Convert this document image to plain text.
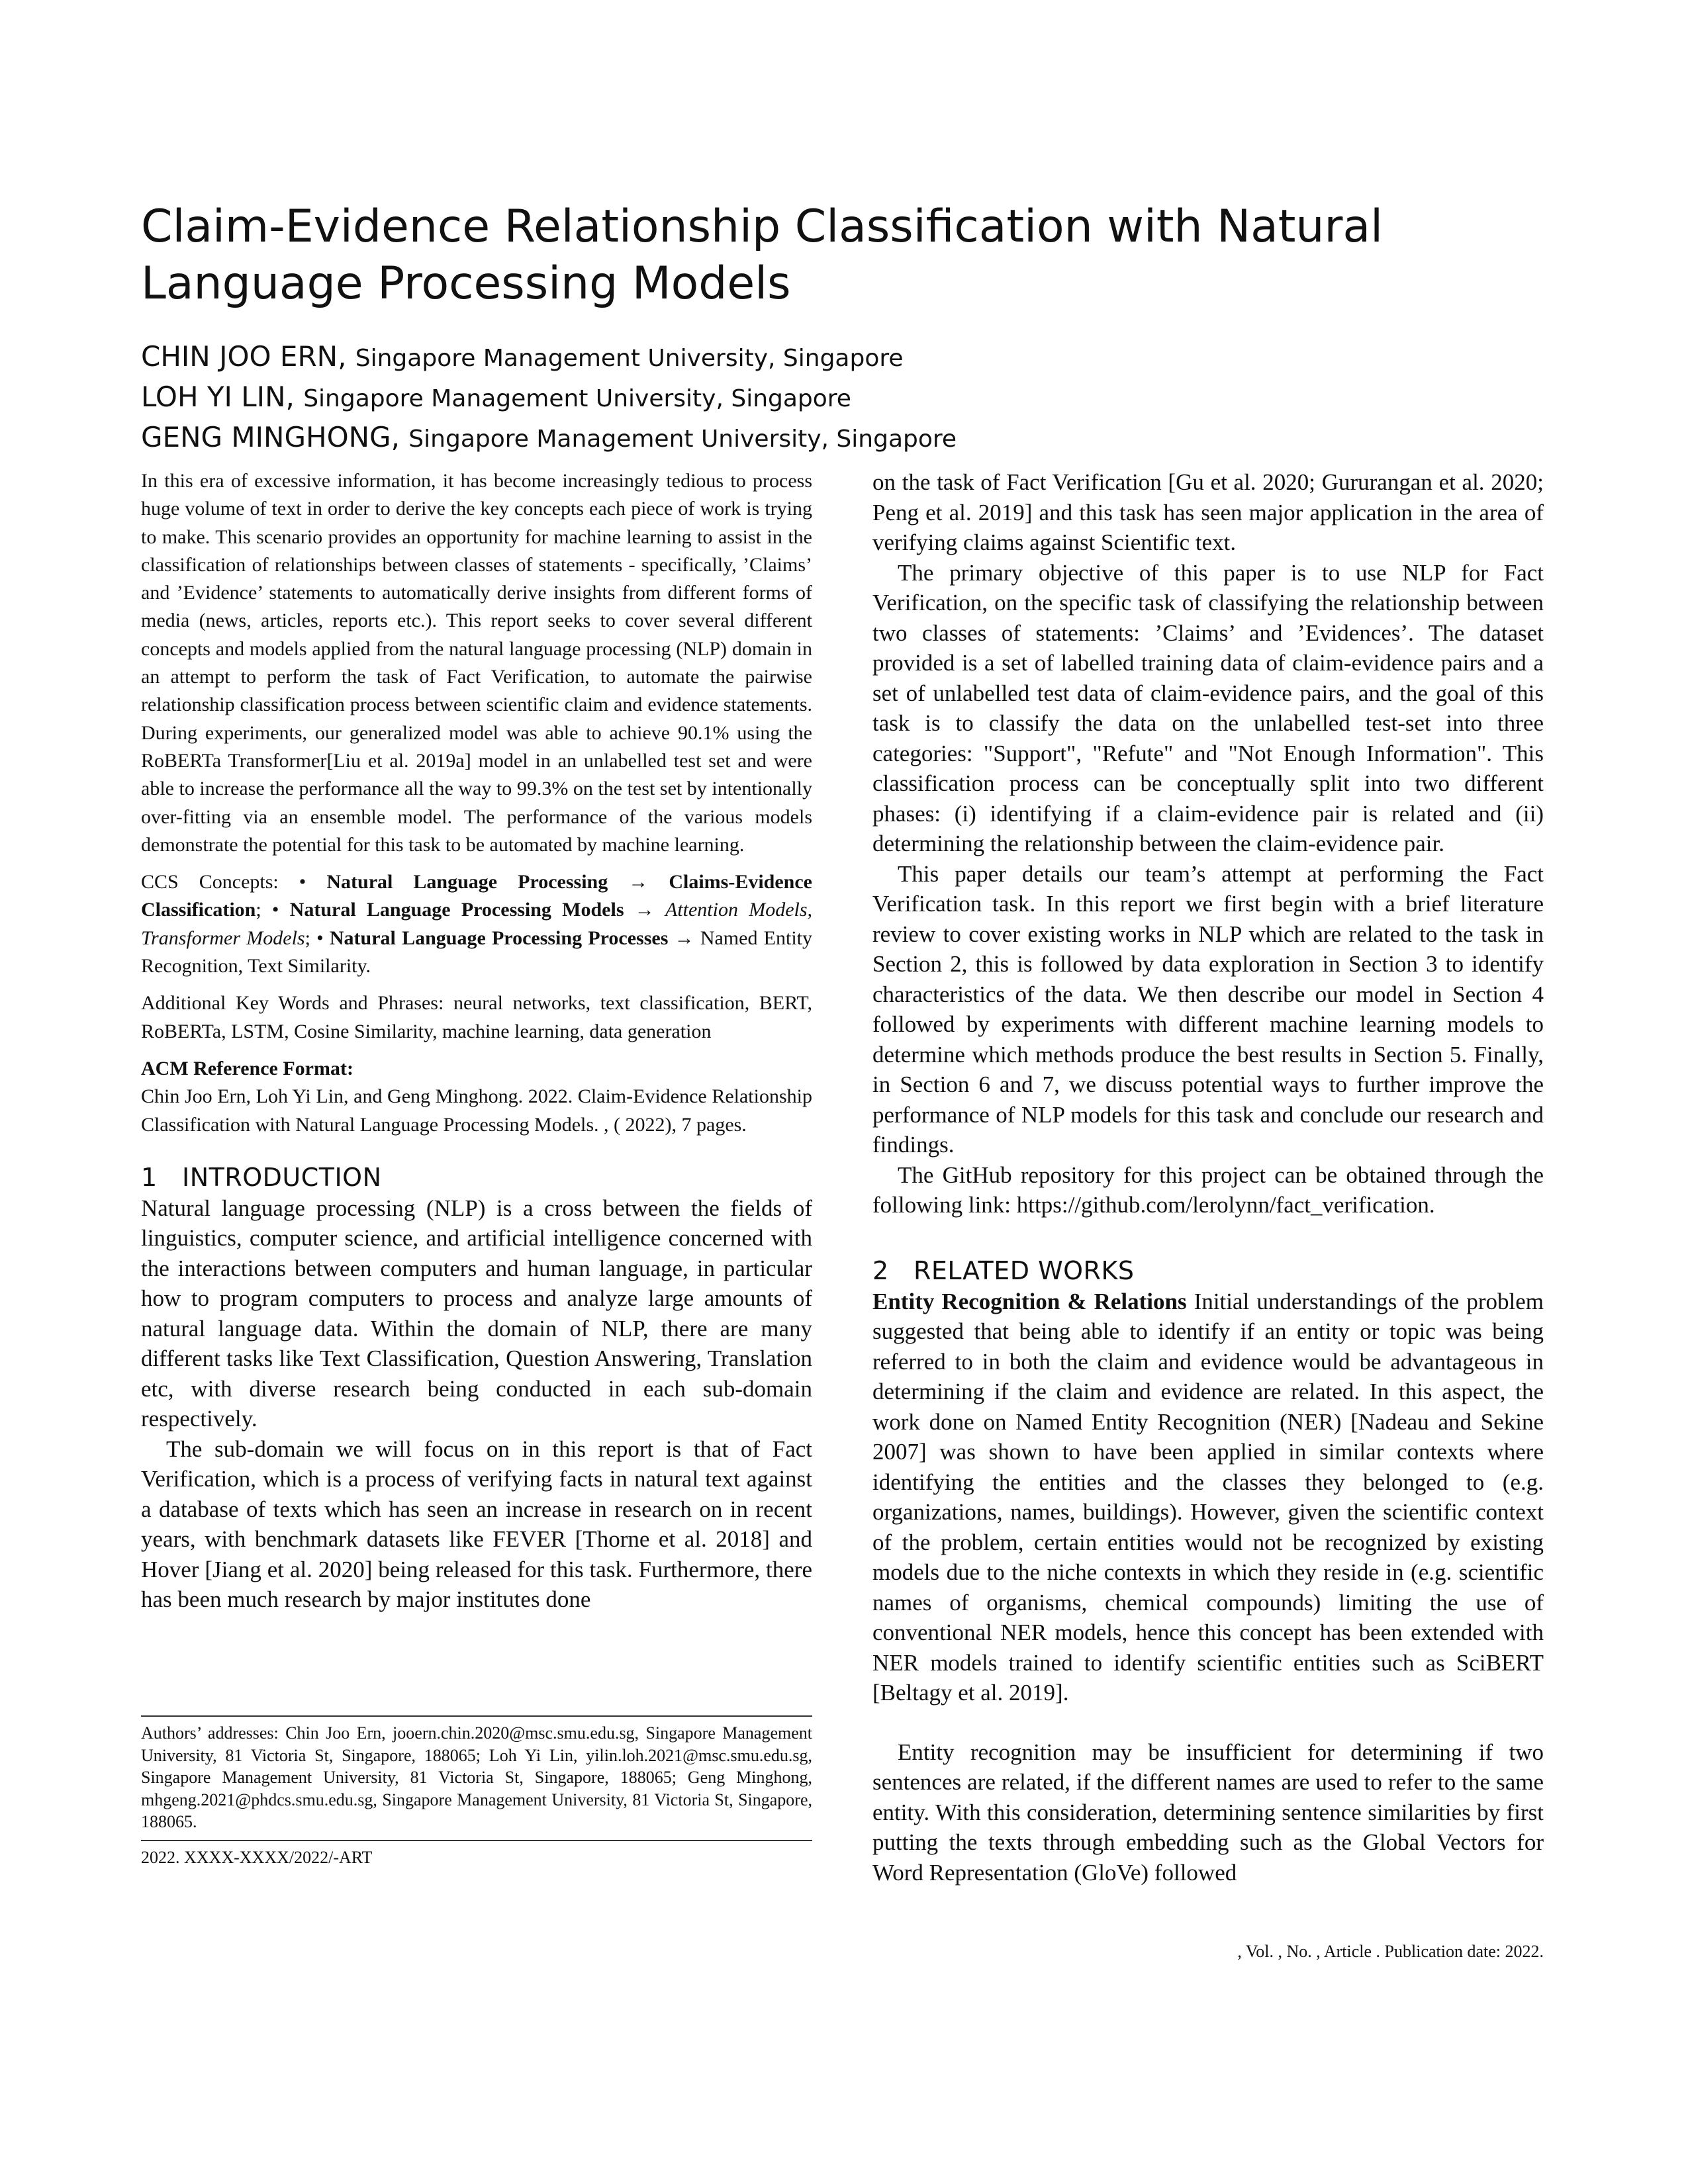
Claim-Evidence Relationship Classification with Natural Language Processing Models
CHIN JOO ERN, Singapore Management University, Singapore
LOH YI LIN, Singapore Management University, Singapore
GENG MINGHONG, Singapore Management University, Singapore

In this era of excessive information, it has become increasingly tedious to process huge volume of text in order to derive the key concepts each piece of work is trying to make. This scenario provides an opportunity for machine learning to assist in the classification of relationships between classes of statements - specifically, ’Claims’ and ’Evidence’ statements to automatically derive insights from different forms of media (news, articles, reports etc.). This report seeks to cover several different concepts and models applied from the natural language processing (NLP) domain in an attempt to perform the task of Fact Verification, to automate the pairwise relationship classification process between scientific claim and evidence statements. During experiments, our generalized model was able to achieve 90.1% using the RoBERTa Transformer[Liu et al. 2019a] model in an unlabelled test set and were able to increase the performance all the way to 99.3% on the test set by intentionally over-fitting via an ensemble model. The performance of the various models demonstrate the potential for this task to be automated by machine learning.

CCS Concepts: • Natural Language Processing → Claims-Evidence Classification; • Natural Language Processing Models → Attention Models, Transformer Models; • Natural Language Processing Processes → Named Entity Recognition, Text Similarity.

Additional Key Words and Phrases: neural networks, text classification, BERT, RoBERTa, LSTM, Cosine Similarity, machine learning, data generation

ACM Reference Format:

Chin Joo Ern, Loh Yi Lin, and Geng Minghong. 2022. Claim-Evidence Relationship Classification with Natural Language Processing Models. , ( 2022), 7 pages.

1 INTRODUCTION

Natural language processing (NLP) is a cross between the fields of linguistics, computer science, and artificial intelligence concerned with the interactions between computers and human language, in particular how to program computers to process and analyze large amounts of natural language data. Within the domain of NLP, there are many different tasks like Text Classification, Question Answering, Translation etc, with diverse research being conducted in each sub-domain respectively.

The sub-domain we will focus on in this report is that of Fact Verification, which is a process of verifying facts in natural text against a database of texts which has seen an increase in research on in recent years, with benchmark datasets like FEVER [Thorne et al. 2018] and Hover [Jiang et al. 2020] being released for this task. Furthermore, there has been much research by major institutes done

Authors’ addresses: Chin Joo Ern, jooern.chin.2020@msc.smu.edu.sg, Singapore Management University, 81 Victoria St, Singapore, 188065; Loh Yi Lin, yilin.loh.2021@msc.smu.edu.sg, Singapore Management University, 81 Victoria St, Singapore, 188065; Geng Minghong, mhgeng.2021@phdcs.smu.edu.sg, Singapore Management University, 81 Victoria St, Singapore, 188065.
2022. XXXX-XXXX/2022/-ART

on the task of Fact Verification [Gu et al. 2020; Gururangan et al. 2020; Peng et al. 2019] and this task has seen major application in the area of verifying claims against Scientific text.

The primary objective of this paper is to use NLP for Fact Verification, on the specific task of classifying the relationship between two classes of statements: ’Claims’ and ’Evidences’. The dataset provided is a set of labelled training data of claim-evidence pairs and a set of unlabelled test data of claim-evidence pairs, and the goal of this task is to classify the data on the unlabelled test-set into three categories: "Support", "Refute" and "Not Enough Information". This classification process can be conceptually split into two different phases: (i) identifying if a claim-evidence pair is related and (ii) determining the relationship between the claim-evidence pair.

This paper details our team’s attempt at performing the Fact Verification task. In this report we first begin with a brief literature review to cover existing works in NLP which are related to the task in Section 2, this is followed by data exploration in Section 3 to identify characteristics of the data. We then describe our model in Section 4 followed by experiments with different machine learning models to determine which methods produce the best results in Section 5. Finally, in Section 6 and 7, we discuss potential ways to further improve the performance of NLP models for this task and conclude our research and findings.

The GitHub repository for this project can be obtained through the following link: https://github.com/lerolynn/fact_verification.

2 RELATED WORKS

Entity Recognition & Relations Initial understandings of the problem suggested that being able to identify if an entity or topic was being referred to in both the claim and evidence would be advantageous in determining if the claim and evidence are related. In this aspect, the work done on Named Entity Recognition (NER) [Nadeau and Sekine 2007] was shown to have been applied in similar contexts where identifying the entities and the classes they belonged to (e.g. organizations, names, buildings). However, given the scientific context of the problem, certain entities would not be recognized by existing models due to the niche contexts in which they reside in (e.g. scientific names of organisms, chemical compounds) limiting the use of conventional NER models, hence this concept has been extended with NER models trained to identify scientific entities such as SciBERT [Beltagy et al. 2019].

Entity recognition may be insufficient for determining if two sentences are related, if the different names are used to refer to the same entity. With this consideration, determining sentence similarities by first putting the texts through embedding such as the Global Vectors for Word Representation (GloVe) followed

, Vol. , No. , Article . Publication date: 2022.
